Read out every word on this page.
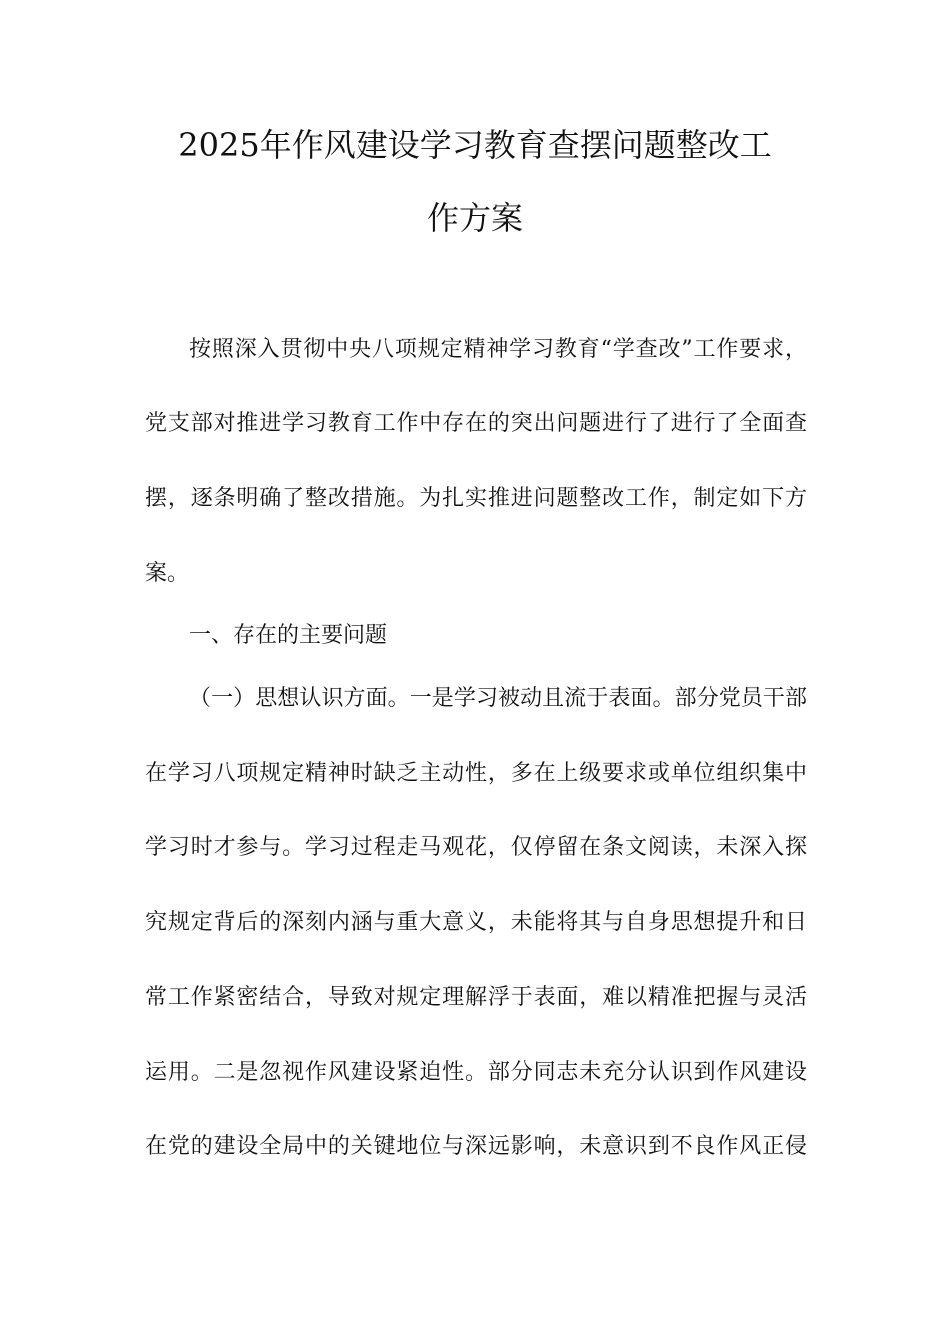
2025年作风建设学习教育查摆问题整改工
作方案
按照深入贯彻中央八项规定精神学习教育“学查改”工作要求，
党支部对推进学习教育工作中存在的突出问题进行了进行了全面查
摆，逐条明确了整改措施。为扎实推进问题整改工作，制定如下方
案。
一、存在的主要问题
（一）思想认识方面。一是学习被动且流于表面。部分党员干部
在学习八项规定精神时缺乏主动性，多在上级要求或单位组织集中
学习时才参与。学习过程走马观花，仅停留在条文阅读，未深入探
究规定背后的深刻内涵与重大意义，未能将其与自身思想提升和日
常工作紧密结合，导致对规定理解浮于表面，难以精准把握与灵活
运用。二是忽视作风建设紧迫性。部分同志未充分认识到作风建设
在党的建设全局中的关键地位与深远影响，未意识到不良作风正侵
